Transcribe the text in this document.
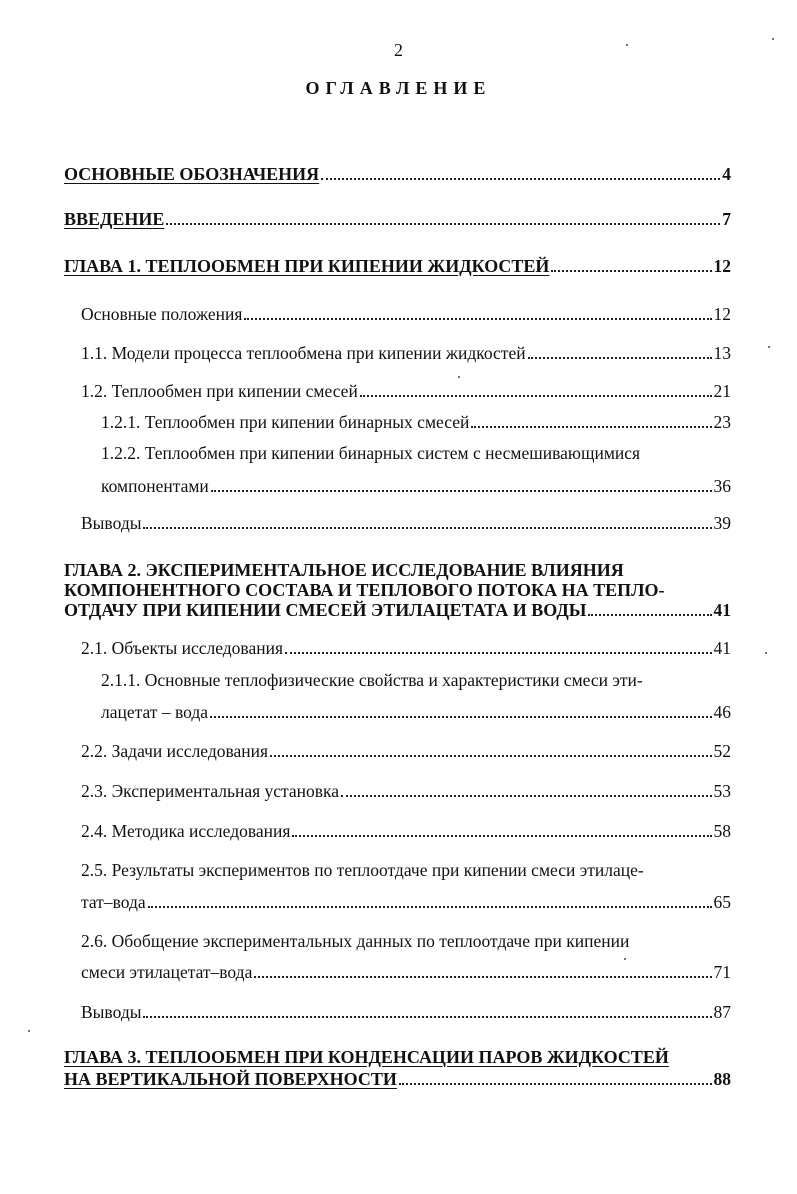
2
ОГЛАВЛЕНИЕ
ОСНОВНЫЕ ОБОЗНАЧЕНИЯ	4
ВВЕДЕНИЕ	7
ГЛАВА 1. ТЕПЛООБМЕН ПРИ КИПЕНИИ ЖИДКОСТЕЙ	12
Основные положения	12
1.1. Модели процесса теплообмена при кипении жидкостей	13
1.2. Теплообмен при кипении смесей	21
1.2.1. Теплообмен при кипении бинарных смесей	23
1.2.2. Теплообмен при кипении бинарных систем с несмешивающимися
компонентами	36
Выводы	39
ГЛАВА 2. ЭКСПЕРИМЕНТАЛЬНОЕ ИССЛЕДОВАНИЕ ВЛИЯНИЯ
КОМПОНЕНТНОГО СОСТАВА И ТЕПЛОВОГО ПОТОКА НА ТЕПЛО-
ОТДАЧУ ПРИ КИПЕНИИ СМЕСЕЙ ЭТИЛАЦЕТАТА И ВОДЫ	41
2.1. Объекты исследования	41
2.1.1. Основные теплофизические свойства и характеристики смеси эти-
лацетат – вода	46
2.2. Задачи исследования	52
2.3. Экспериментальная установка	53
2.4. Методика исследования	58
2.5. Результаты экспериментов по теплоотдаче при кипении смеси этилаце-
тат–вода	65
2.6. Обобщение экспериментальных данных по теплоотдаче при кипении
смеси этилацетат–вода	71
Выводы	87
ГЛАВА 3. ТЕПЛООБМЕН ПРИ КОНДЕНСАЦИИ ПАРОВ ЖИДКОСТЕЙ
НА ВЕРТИКАЛЬНОЙ ПОВЕРХНОСТИ	88
